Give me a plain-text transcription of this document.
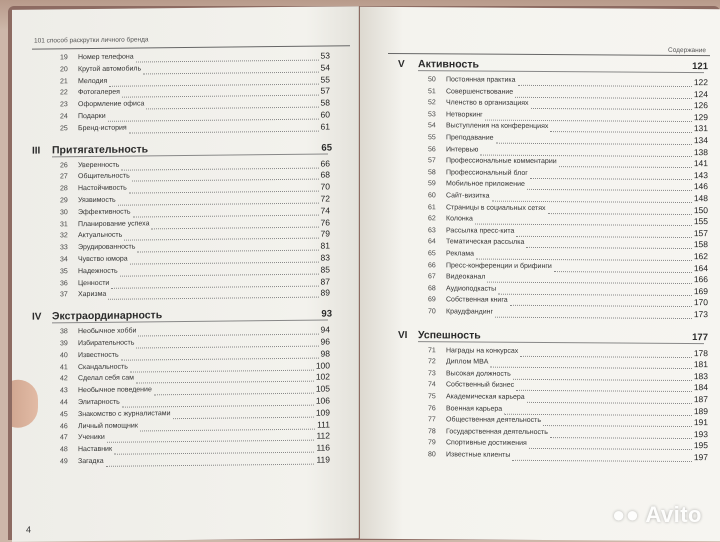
101 способ раскрутки личного бренда
19	Номер телефона	53
20	Крутой автомобиль	54
21	Мелодия	55
22	Фотогалерея	57
23	Оформление офиса	58
24	Подарки	60
25	Бренд-история	61
III Притягательность	65
26	Уверенность	66
27	Общительность	68
28	Настойчивость	70
29	Уязвимость	72
30	Эффективность	74
31	Планирование успеха	76
32	Актуальность	79
33	Эрудированность	81
34	Чувство юмора	83
35	Надежность	85
36	Ценности	87
37	Харизма	89
IV Экстраординарность	93
38	Необычное хобби	94
39	Избирательность	96
40	Известность	98
41	Скандальность	100
42	Сделал себя сам	102
43	Необычное поведение	105
44	Элитарность	106
45	Знакомство с журналистами	109
46	Личный помощник	111
47	Ученики	112
48	Наставник	116
49	Загадка	119
4
Содержание
V Активность	121
50	Постоянная практика	122
51	Совершенствование	124
52	Членство в организациях	126
53	Нетворкинг	129
54	Выступления на конференциях	131
55	Преподавание	134
56	Интервью	138
57	Профессиональные комментарии	141
58	Профессиональный блог	143
59	Мобильное приложение	146
60	Сайт-визитка	148
61	Страницы в социальных сетях	150
62	Колонка	155
63	Рассылка пресс-кита	157
64	Тематическая рассылка	158
65	Реклама	162
66	Пресс-конференции и брифинги	164
67	Видеоканал	166
68	Аудиоподкасты	169
69	Собственная книга	170
70	Краудфандинг	173
VI Успешность	177
71	Награды на конкурсах	178
72	Диплом MBA	181
73	Высокая должность	183
74	Собственный бизнес	184
75	Академическая карьера	187
76	Военная карьера	189
77	Общественная деятельность	191
78	Государственная деятельность	193
79	Спортивные достижения	195
80	Известные клиенты	197
●● Avito
